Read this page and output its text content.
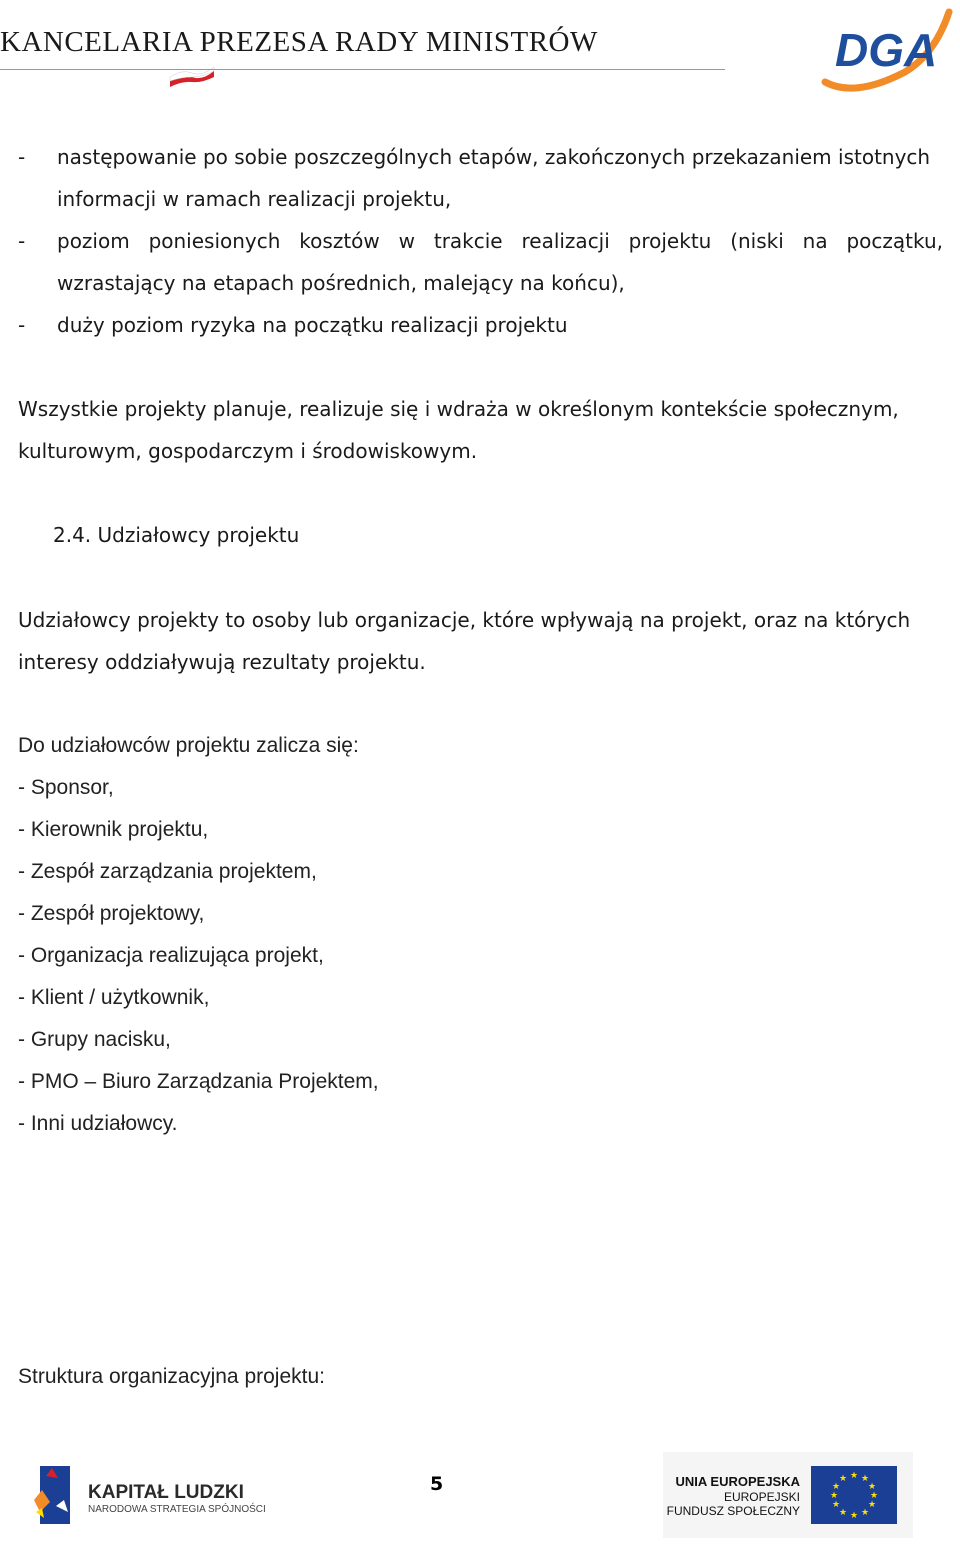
KANCELARIA PREZESA RADY MINISTRÓW	DGA
- następowanie po sobie poszczególnych etapów, zakończonych przekazaniem istotnych
informacji w ramach realizacji projektu,
- poziom poniesionych kosztów w trakcie realizacji projektu (niski na początku,
wzrastający na etapach pośrednich, malejący na końcu),
- duży poziom ryzyka na początku realizacji projektu
Wszystkie projekty planuje, realizuje się i wdraża w określonym kontekście społecznym,
kulturowym, gospodarczym i środowiskowym.
2.4. Udziałowcy projektu
Udziałowcy projekty to osoby lub organizacje, które wpływają na projekt, oraz na których
interesy oddziaływują rezultaty projektu.
Do udziałowców projektu zalicza się:
- Sponsor,
- Kierownik projektu,
- Zespół zarządzania projektem,
- Zespół projektowy,
- Organizacja realizująca projekt,
- Klient / użytkownik,
- Grupy nacisku,
- PMO – Biuro Zarządzania Projektem,
- Inni udziałowcy.
Struktura organizacyjna projektu:
KAPITAŁ LUDZKI
NARODOWA STRATEGIA SPÓJNOŚCI
5	UNIA EUROPEJSKA
EUROPEJSKI
FUNDUSZ SPOŁECZNY
★ ★
★
★
★
★
★
★
★
★
★
★
